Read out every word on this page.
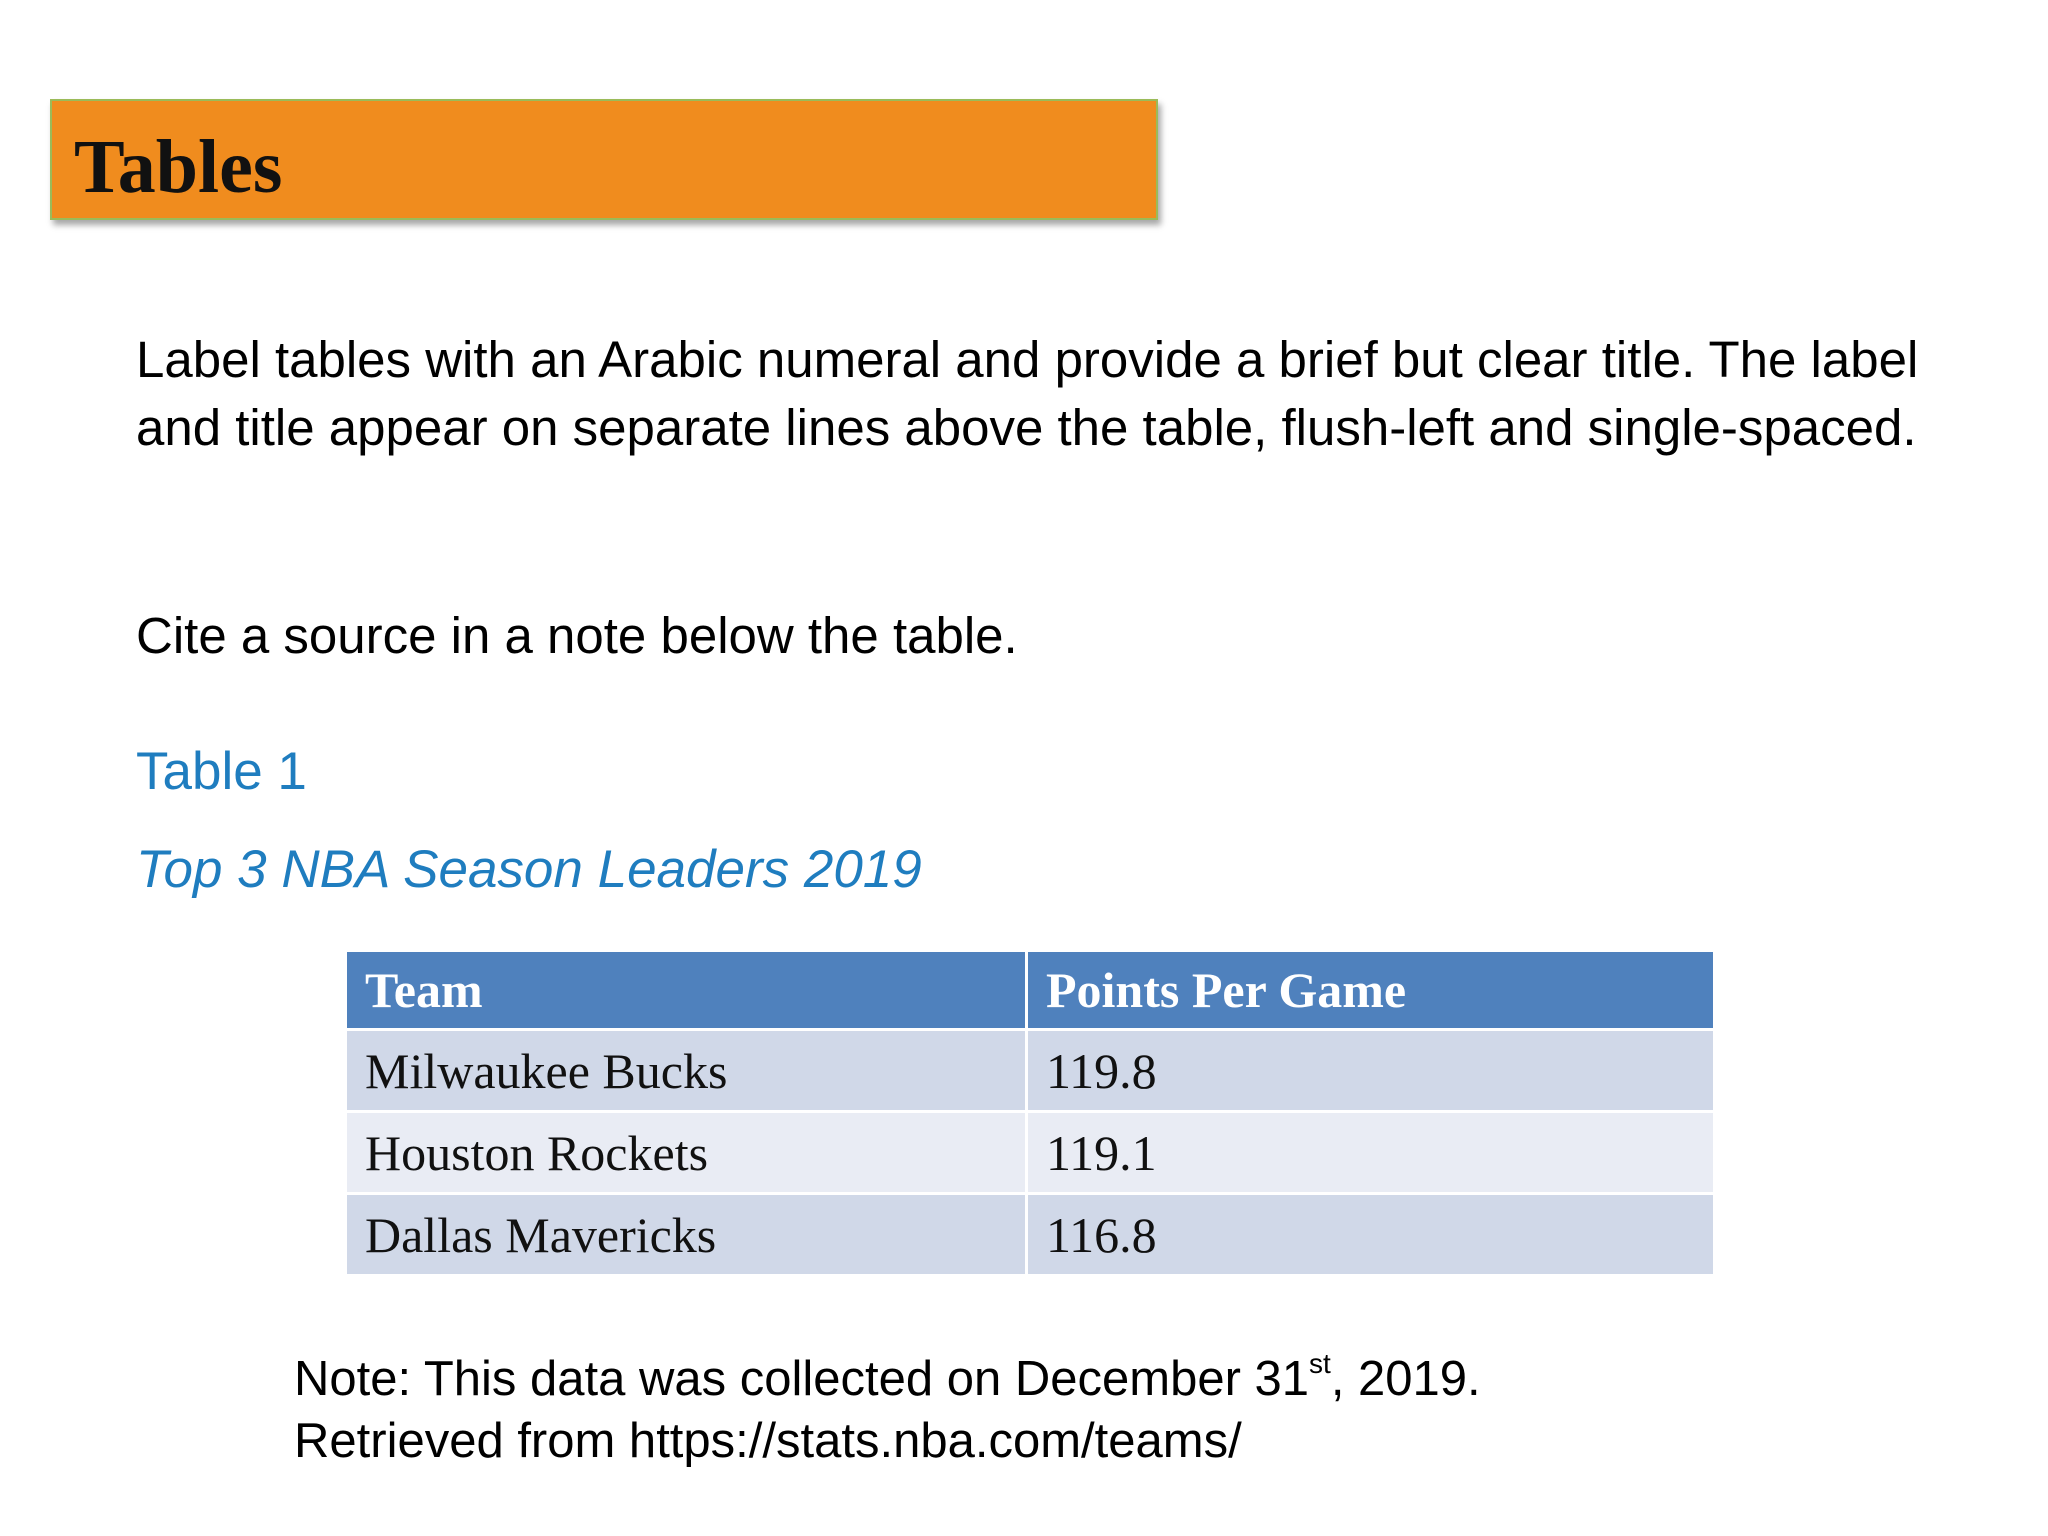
Tables

Label tables with an Arabic numeral and provide a brief but clear title. The label and title appear on separate lines above the table, flush-left and single-spaced.

Cite a source in a note below the table.

Table 1

Top 3 NBA Season Leaders 2019

Team	Points Per Game
Milwaukee Bucks	119.8
Houston Rockets	119.1
Dallas Mavericks	116.8

Note: This data was collected on December 31st, 2019.
Retrieved from https://stats.nba.com/teams/
